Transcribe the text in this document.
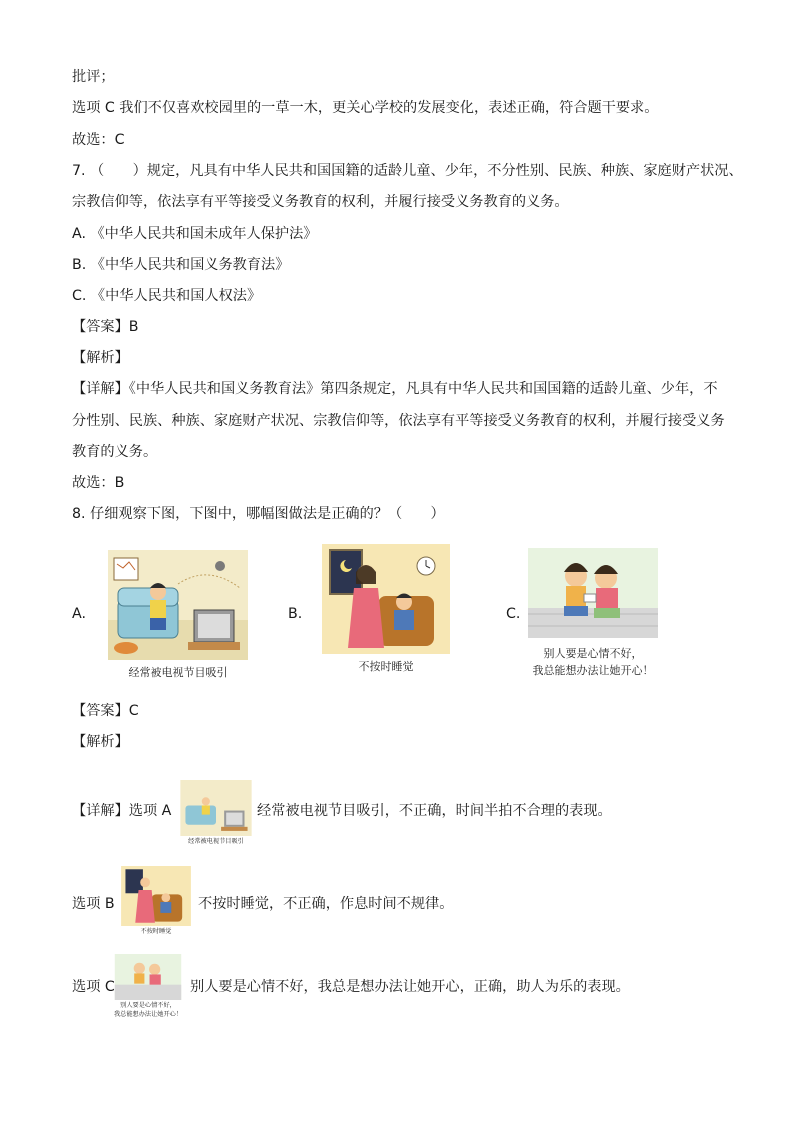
批评；
选项 C 我们不仅喜欢校园里的一草一木，更关心学校的发展变化，表述正确，符合题干要求。
故选：C
7. （　　）规定，凡具有中华人民共和国国籍的适龄儿童、少年，不分性别、民族、种族、家庭财产状况、
宗教信仰等，依法享有平等接受义务教育的权利，并履行接受义务教育的义务。
A. 《中华人民共和国未成年人保护法》
B. 《中华人民共和国义务教育法》
C. 《中华人民共和国人权法》
【答案】B
【解析】
【详解】《中华人民共和国义务教育法》第四条规定，凡具有中华人民共和国国籍的适龄儿童、少年，不
分性别、民族、种族、家庭财产状况、宗教信仰等，依法享有平等接受义务教育的权利，并履行接受义务
教育的义务。
故选：B
8. 仔细观察下图，下图中，哪幅图做法是正确的？（　　）
A.	B.	C.
经常被电视节目吸引	不按时睡觉
别人要是心情不好，
我总能想办法让她开心！
【答案】C
【解析】
【详解】选项 A
经常被电视节目吸引
经常被电视节目吸引，不正确，时间半拍不合理的表现。
选项 B
不按时睡觉
不按时睡觉，不正确，作息时间不规律。
选项 C
别人要是心情不好，
我总能想办法让她开心！
别人要是心情不好，我总是想办法让她开心，正确，助人为乐的表现。
